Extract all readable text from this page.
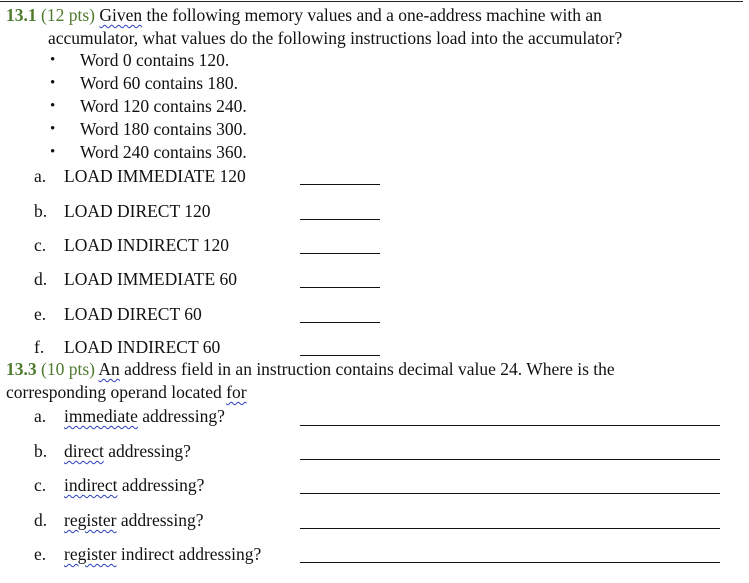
13.1 (12 pts) Given the following memory values and a one-address machine with an
accumulator, what values do the following instructions load into the accumulator?
• Word 0 contains 120.
• Word 60 contains 180.
• Word 120 contains 240.
• Word 180 contains 300.
• Word 240 contains 360.
a. LOAD IMMEDIATE 120
b. LOAD DIRECT 120
c. LOAD INDIRECT 120
d. LOAD IMMEDIATE 60
e. LOAD DIRECT 60
f. LOAD INDIRECT 60
13.3 (10 pts) An address field in an instruction contains decimal value 24. Where is the
corresponding operand located for
a. immediate addressing?
b. direct addressing?
c. indirect addressing?
d. register addressing?
e. register indirect addressing?
